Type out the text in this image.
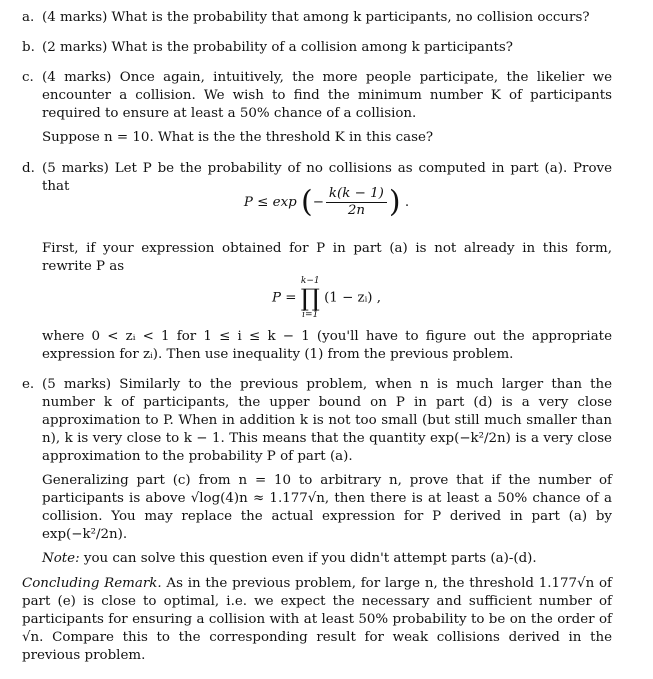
a. (4 marks) What is the probability that among k participants, no collision occurs?
b. (2 marks) What is the probability of a collision among k participants?
c. (4 marks) Once again, intuitively, the more people participate, the likelier we encounter a collision. We wish to find the minimum number K of participants required to ensure at least a 50% chance of a collision.
Suppose n = 10. What is the the threshold K in this case?
d. (5 marks) Let P be the probability of no collisions as computed in part (a). Prove that
P ≤ exp (− $\frac{k(k - 1)}{2n}$ ) .
First, if your expression obtained for P in part (a) is not already in this form, rewrite P as
P =
k−1
∏
i=1
(1 − zᵢ) ,
where 0 < zᵢ < 1 for 1 ≤ i ≤ k − 1 (you'll have to figure out the appropriate expression for zᵢ). Then use inequality (1) from the previous problem.
e. (5 marks) Similarly to the previous problem, when n is much larger than the number k of participants, the upper bound on P in part (d) is a very close approximation to P. When in addition k is not too small (but still much smaller than n), k is very close to k − 1. This means that the quantity exp(−k²/2n) is a very close approximation to the probability P of part (a).
Generalizing part (c) from n = 10 to arbitrary n, prove that if the number of participants is above √log(4)n ≈ 1.177√n, then there is at least a 50% chance of a collision. You may replace the actual expression for P derived in part (a) by exp(−k²/2n).
Note: you can solve this question even if you didn't attempt parts (a)-(d).
Concluding Remark. As in the previous problem, for large n, the threshold 1.177√n of part (e) is close to optimal, i.e. we expect the necessary and sufficient number of participants for ensuring a collision with at least 50% probability to be on the order of √n. Compare this to the corresponding result for weak collisions derived in the previous problem.
